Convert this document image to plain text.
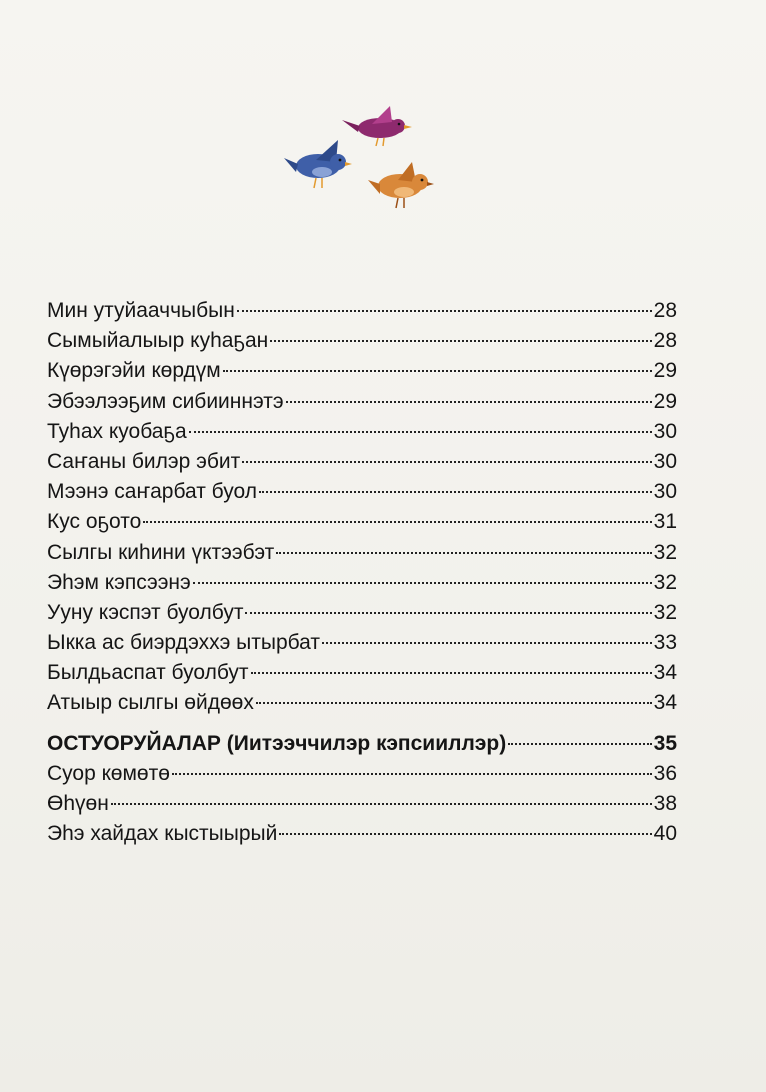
Мин утуйааччыбын	28
Сымыйалыыр куһаҕан	28
Күөрэгэйи көрдүм	29
Эбээлээҕим сибииннэтэ	29
Туһах куобаҕа	30
Саҥаны билэр эбит	30
Мээнэ саҥарбат буол	30
Кус оҕото	31
Сылгы киһини үктээбэт	32
Эһэм кэпсээнэ	32
Ууну кэспэт буолбут	32
Ыкка ас биэрдэххэ ытырбат	33
Былдьаспат буолбут	34
Атыыр сылгы өйдөөх	34
ОСТУОРУЙАЛАР (Иитээччилэр кэпсииллэр)	35
Суор көмөтө	36
Өһүөн	38
Эһэ хайдах кыстыырый	40
